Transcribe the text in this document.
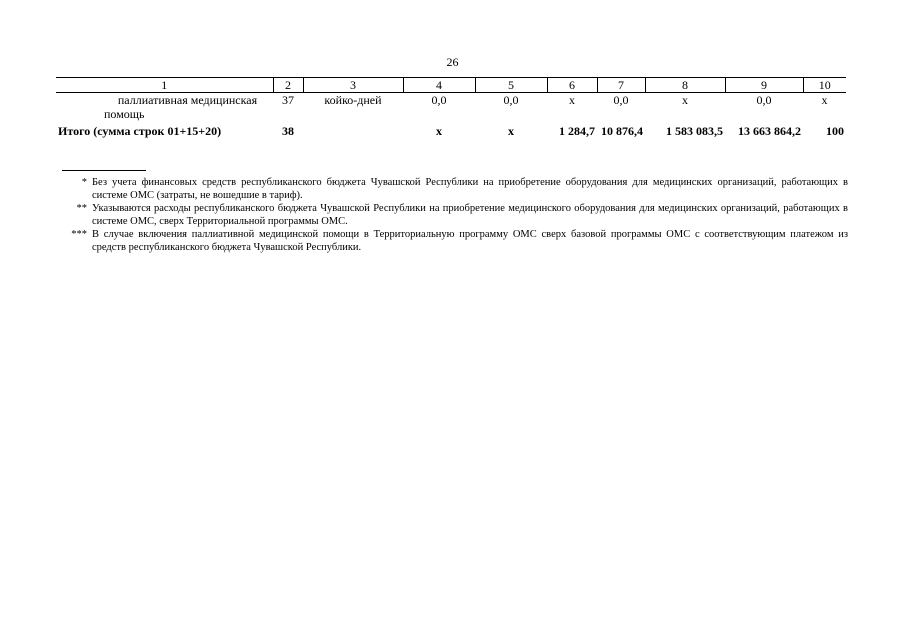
26
1	2	3	4	5	6	7	8	9	10
паллиативная медицинская помощь	37	койко-дней	0,0	0,0	х	0,0	х	0,0	х
Итого (сумма строк 01+15+20)	38		х	х	1 284,7	10 876,4	1 583 083,5	13 663 864,2	100
* Без учета финансовых средств республиканского бюджета Чувашской Республики на приобретение оборудования для медицинских организаций, работающих в системе ОМС (затраты, не вошедшие в тариф).
** Указываются расходы республиканского бюджета Чувашской Республики на приобретение медицинского оборудования для медицинских организаций, работающих в системе ОМС, сверх Территориальной программы ОМС.
*** В случае включения паллиативной медицинской помощи в Территориальную программу ОМС сверх базовой программы ОМС с соответствующим платежом из средств республиканского бюджета Чувашской Республики.
